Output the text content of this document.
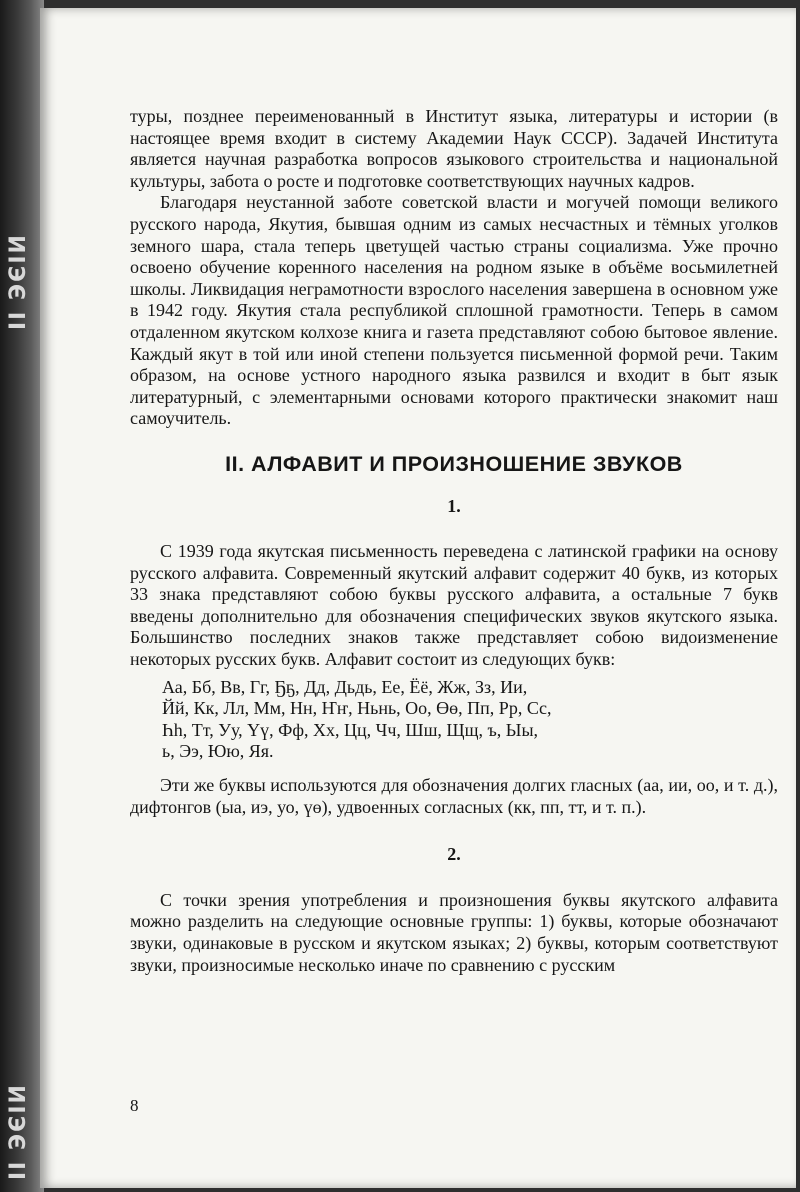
ІІ ЭЄІИ
ІІ ЭЄІИ

туры, позднее переименованный в Институт языка, литературы и истории (в настоящее время входит в систему Академии Наук СССР). Задачей Института является научная разработка вопросов языкового строительства и национальной культуры, забота о росте и подготовке соответствующих научных кадров.

Благодаря неустанной заботе советской власти и могучей помощи великого русского народа, Якутия, бывшая одним из самых несчастных и тёмных уголков земного шара, стала теперь цветущей частью страны социализма. Уже прочно освоено обучение коренного населения на родном языке в объёме восьмилетней школы. Ликвидация неграмотности взрослого населения завершена в основном уже в 1942 году. Якутия стала республикой сплошной грамотности. Теперь в самом отдаленном якутском колхозе книга и газета представляют собою бытовое явление. Каждый якут в той или иной степени пользуется письменной формой речи. Таким образом, на основе устного народного языка развился и входит в быт язык литературный, с элементарными основами которого практически знакомит наш самоучитель.

II. АЛФАВИТ И ПРОИЗНОШЕНИЕ ЗВУКОВ
1.

С 1939 года якутская письменность переведена с латинской графики на основу русского алфавита. Современный якутский алфавит содержит 40 букв, из которых 33 знака представляют собою буквы русского алфавита, а остальные 7 букв введены дополнительно для обозначения специфических звуков якутского языка. Большинство последних знаков также представляет собою видоизменение некоторых русских букв. Алфавит состоит из следующих букв:

Аа, Бб, Вв, Гг, Ҕҕ, Дд, Дьдь, Ее, Ёё, Жж, Зз, Ии,
Йй, Кк, Лл, Мм, Нн, Ҥҥ, Ньнь, Оо, Өө, Пп, Рр, Сс,
Һһ, Тт, Уу, Үү, Фф, Хх, Цц, Чч, Шш, Щщ, ъ, Ыы,
ь, Ээ, Юю, Яя.

Эти же буквы используются для обозначения долгих гласных (аа, ии, оо, и т. д.), дифтонгов (ыа, иэ, уо, үө), удвоенных согласных (кк, пп, тт, и т. п.).

2.

С точки зрения употребления и произношения буквы якутского алфавита можно разделить на следующие основные группы: 1) буквы, которые обозначают звуки, одинаковые в русском и якутском языках; 2) буквы, которым соответствуют звуки, произносимые несколько иначе по сравнению с русским

8
